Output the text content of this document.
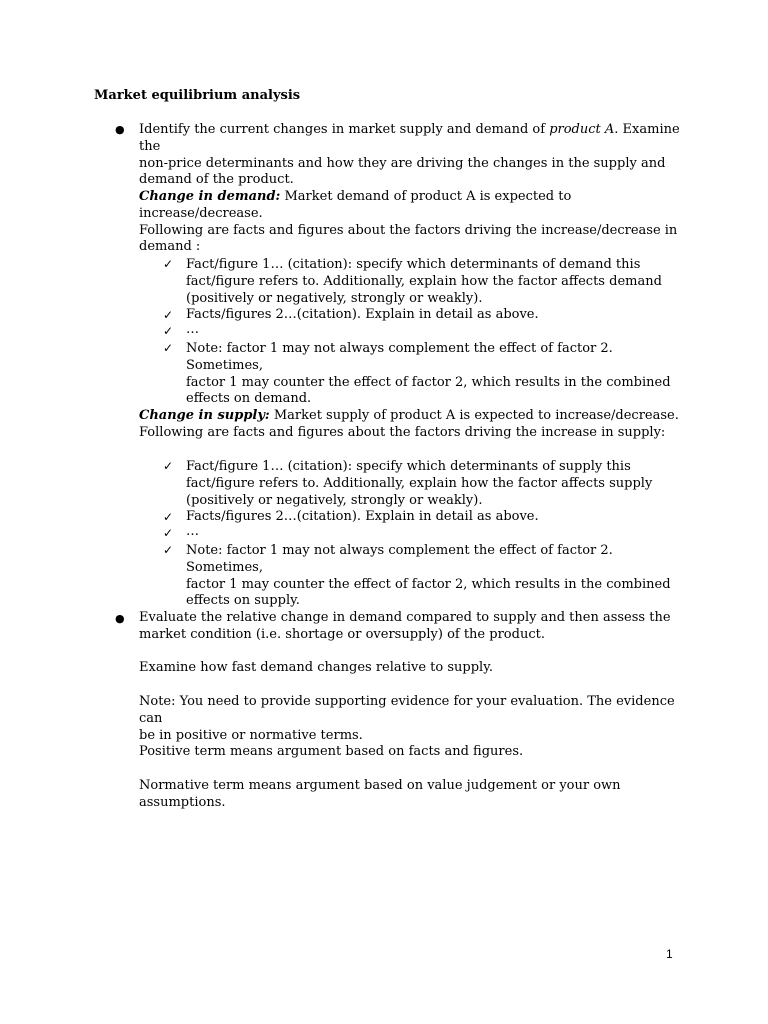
Market equilibrium analysis
● Identify the current changes in market supply and demand of product A. Examine the

non-price determinants and how they are driving the changes in the supply and

demand of the product.

Change in demand: Market demand of product A is expected to increase/decrease.

Following are facts and figures about the factors driving the increase/decrease in

demand :

✓ Fact/figure 1… (citation): specify which determinants of demand this

fact/figure refers to. Additionally, explain how the factor affects demand

(positively or negatively, strongly or weakly).

✓ Facts/figures 2…(citation). Explain in detail as above.

✓ …

✓ Note: factor 1 may not always complement the effect of factor 2. Sometimes,

factor 1 may counter the effect of factor 2, which results in the combined

effects on demand.

Change in supply: Market supply of product A is expected to increase/decrease.

Following are facts and figures about the factors driving the increase in supply:

✓ Fact/figure 1… (citation): specify which determinants of supply this

fact/figure refers to. Additionally, explain how the factor affects supply

(positively or negatively, strongly or weakly).

✓ Facts/figures 2…(citation). Explain in detail as above.

✓ …

✓ Note: factor 1 may not always complement the effect of factor 2. Sometimes,

factor 1 may counter the effect of factor 2, which results in the combined

effects on supply.

● Evaluate the relative change in demand compared to supply and then assess the

market condition (i.e. shortage or oversupply) of the product.

Examine how fast demand changes relative to supply.

Note: You need to provide supporting evidence for your evaluation. The evidence can

be in positive or normative terms.

Positive term means argument based on facts and figures.

Normative term means argument based on value judgement or your own assumptions.

1
